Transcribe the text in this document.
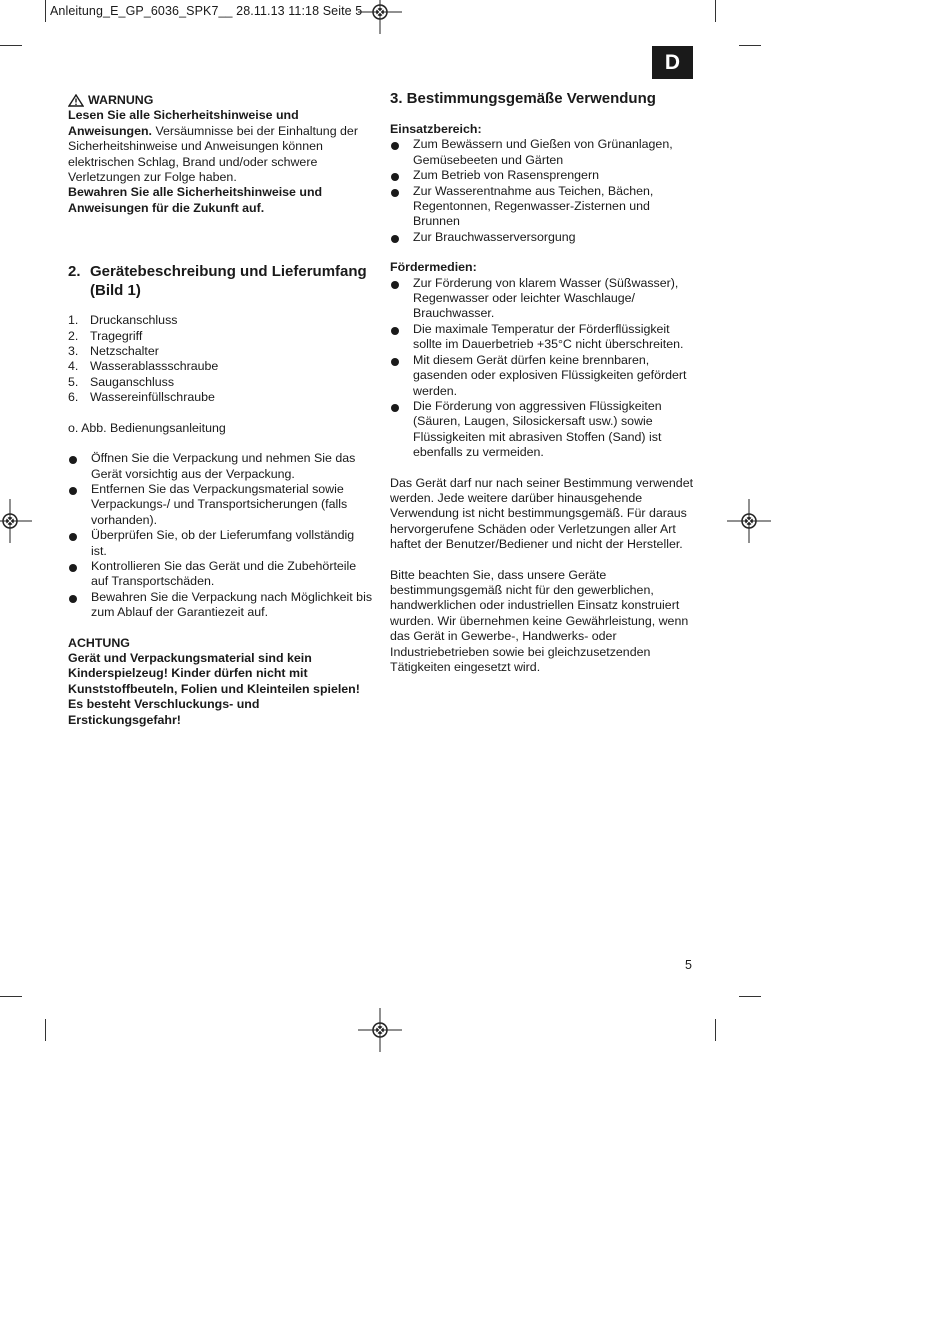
Anleitung_E_GP_6036_SPK7__ 28.11.13 11:18 Seite 5
D
WARNUNG

Lesen Sie alle Sicherheitshinweise und Anweisungen. Versäumnisse bei der Einhaltung der Sicherheitshinweise und Anweisungen können elektrischen Schlag, Brand und/oder schwere Verletzungen zur Folge haben.

Bewahren Sie alle Sicherheitshinweise und Anweisungen für die Zukunft auf.

2. Gerätebeschreibung und Lieferumfang (Bild 1)
1. Druckanschluss
2. Tragegriff
3. Netzschalter
4. Wasserablassschraube
5. Sauganschluss
6. Wassereinfüllschraube

o. Abb. Bedienungsanleitung

Öffnen Sie die Verpackung und nehmen Sie das Gerät vorsichtig aus der Verpackung.
Entfernen Sie das Verpackungsmaterial sowie Verpackungs-/ und Transportsicherungen (falls vorhanden).
Überprüfen Sie, ob der Lieferumfang vollständig ist.
Kontrollieren Sie das Gerät und die Zubehörteile auf Transportschäden.
Bewahren Sie die Verpackung nach Möglichkeit bis zum Ablauf der Garantiezeit auf.

ACHTUNG

Gerät und Verpackungsmaterial sind kein Kinderspielzeug! Kinder dürfen nicht mit Kunststoffbeuteln, Folien und Kleinteilen spielen! Es besteht Verschluckungs- und Erstickungsgefahr!

3. Bestimmungsgemäße Verwendung

Einsatzbereich:

Zum Bewässern und Gießen von Grünanlagen, Gemüsebeeten und Gärten
Zum Betrieb von Rasensprengern
Zur Wasserentnahme aus Teichen, Bächen, Regentonnen, Regenwasser-Zisternen und Brunnen
Zur Brauchwasserversorgung

Fördermedien:

Zur Förderung von klarem Wasser (Süßwasser), Regenwasser oder leichter Waschlauge/ Brauchwasser.
Die maximale Temperatur der Förderflüssigkeit sollte im Dauerbetrieb +35°C nicht überschreiten.
Mit diesem Gerät dürfen keine brennbaren, gasenden oder explosiven Flüssigkeiten gefördert werden.
Die Förderung von aggressiven Flüssigkeiten (Säuren, Laugen, Silosickersaft usw.) sowie Flüssigkeiten mit abrasiven Stoffen (Sand) ist ebenfalls zu vermeiden.

Das Gerät darf nur nach seiner Bestimmung verwendet werden. Jede weitere darüber hinausgehende Verwendung ist nicht bestimmungsgemäß. Für daraus hervorgerufene Schäden oder Verletzungen aller Art haftet der Benutzer/Bediener und nicht der Hersteller.

Bitte beachten Sie, dass unsere Geräte bestimmungsgemäß nicht für den gewerblichen, handwerklichen oder industriellen Einsatz konstruiert wurden. Wir übernehmen keine Gewährleistung, wenn das Gerät in Gewerbe-, Handwerks- oder Industriebetrieben sowie bei gleichzusetzenden Tätigkeiten eingesetzt wird.

5
